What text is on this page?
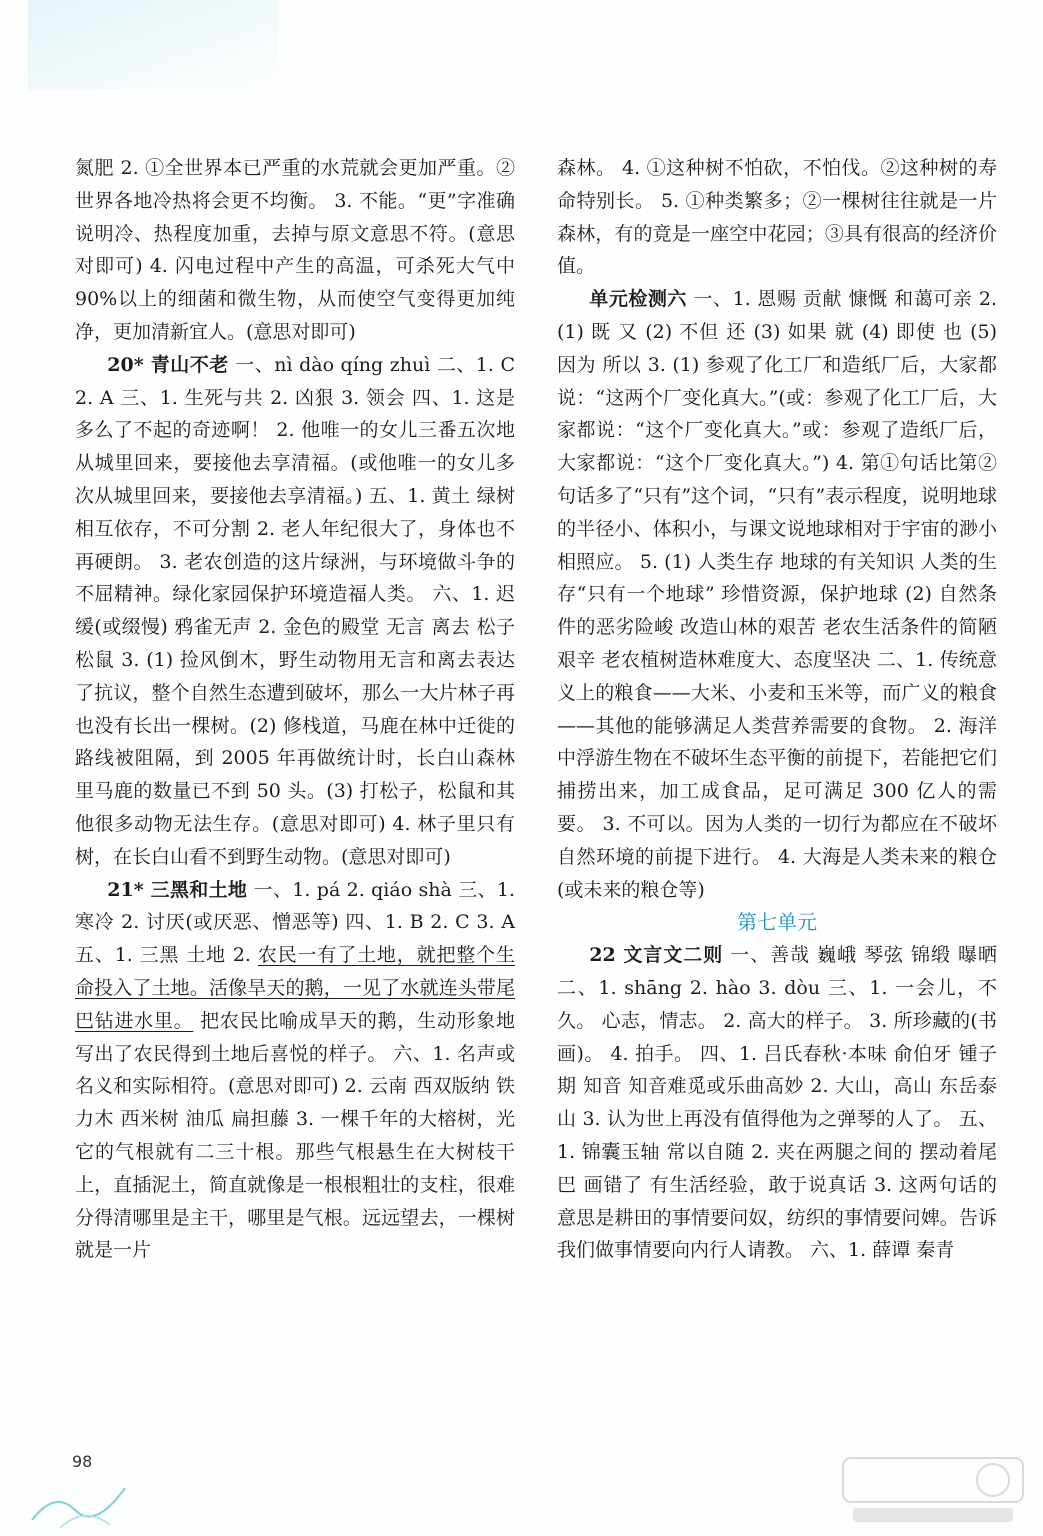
氮肥 2. ①全世界本已严重的水荒就会更加严重。②世界各地冷热将会更不均衡。 3. 不能。“更”字准确说明冷、热程度加重，去掉与原文意思不符。(意思对即可) 4. 闪电过程中产生的高温，可杀死大气中 90%以上的细菌和微生物，从而使空气变得更加纯净，更加清新宜人。(意思对即可)

20* 青山不老 一、nì dào qíng zhuì 二、1. C 2. A 三、1. 生死与共 2. 凶狠 3. 领会 四、1. 这是多么了不起的奇迹啊！ 2. 他唯一的女儿三番五次地从城里回来，要接他去享清福。(或他唯一的女儿多次从城里回来，要接他去享清福。) 五、1. 黄土 绿树相互依存，不可分割 2. 老人年纪很大了，身体也不再硬朗。 3. 老农创造的这片绿洲，与环境做斗争的不屈精神。绿化家园保护环境造福人类。 六、1. 迟缓(或缀慢) 鸦雀无声 2. 金色的殿堂 无言 离去 松子 松鼠 3. (1) 捡风倒木，野生动物用无言和离去表达了抗议，整个自然生态遭到破坏，那么一大片林子再也没有长出一棵树。(2) 修栈道，马鹿在林中迁徙的路线被阻隔，到 2005 年再做统计时，长白山森林里马鹿的数量已不到 50 头。(3) 打松子，松鼠和其他很多动物无法生存。(意思对即可) 4. 林子里只有树，在长白山看不到野生动物。(意思对即可)

21* 三黑和土地 一、1. pá 2. qiáo shà 三、1. 寒冷 2. 讨厌(或厌恶、憎恶等) 四、1. B 2. C 3. A 五、1. 三黑 土地 2. 农民一有了土地，就把整个生命投入了土地。活像旱天的鹅，一见了水就连头带尾巴钻进水里。 把农民比喻成旱天的鹅，生动形象地写出了农民得到土地后喜悦的样子。 六、1. 名声或名义和实际相符。(意思对即可) 2. 云南 西双版纳 铁力木 西米树 油瓜 扁担藤 3. 一棵千年的大榕树，光它的气根就有二三十根。那些气根悬生在大树枝干上，直插泥土，简直就像是一根根粗壮的支柱，很难分得清哪里是主干，哪里是气根。远远望去，一棵树就是一片

森林。 4. ①这种树不怕砍，不怕伐。②这种树的寿命特别长。 5. ①种类繁多；②一棵树往往就是一片森林，有的竟是一座空中花园；③具有很高的经济价值。

单元检测六 一、1. 恩赐 贡献 慷慨 和蔼可亲 2. (1) 既 又 (2) 不但 还 (3) 如果 就 (4) 即使 也 (5) 因为 所以 3. (1) 参观了化工厂和造纸厂后，大家都说：“这两个厂变化真大。”(或：参观了化工厂后，大家都说：“这个厂变化真大。”或：参观了造纸厂后，大家都说：“这个厂变化真大。”) 4. 第①句话比第②句话多了“只有”这个词，“只有”表示程度，说明地球的半径小、体积小，与课文说地球相对于宇宙的渺小相照应。 5. (1) 人类生存 地球的有关知识 人类的生存“只有一个地球” 珍惜资源，保护地球 (2) 自然条件的恶劣险峻 改造山林的艰苦 老农生活条件的简陋艰辛 老农植树造林难度大、态度坚决 二、1. 传统意义上的粮食——大米、小麦和玉米等，而广义的粮食——其他的能够满足人类营养需要的食物。 2. 海洋中浮游生物在不破坏生态平衡的前提下，若能把它们捕捞出来，加工成食品，足可满足 300 亿人的需要。 3. 不可以。因为人类的一切行为都应在不破坏自然环境的前提下进行。 4. 大海是人类未来的粮仓(或未来的粮仓等)

第七单元

22 文言文二则 一、善哉 巍峨 琴弦 锦缎 曝晒 二、1. shāng 2. hào 3. dòu 三、1. 一会儿，不久。 心志，情志。 2. 高大的样子。 3. 所珍藏的(书画)。 4. 拍手。 四、1. 吕氏春秋·本味 俞伯牙 锺子期 知音 知音难觅或乐曲高妙 2. 大山，高山 东岳泰山 3. 认为世上再没有值得他为之弹琴的人了。 五、1. 锦囊玉轴 常以自随 2. 夹在两腿之间的 摆动着尾巴 画错了 有生活经验，敢于说真话 3. 这两句话的意思是耕田的事情要问奴，纺织的事情要问婢。告诉我们做事情要向内行人请教。 六、1. 薛谭 秦青

98
